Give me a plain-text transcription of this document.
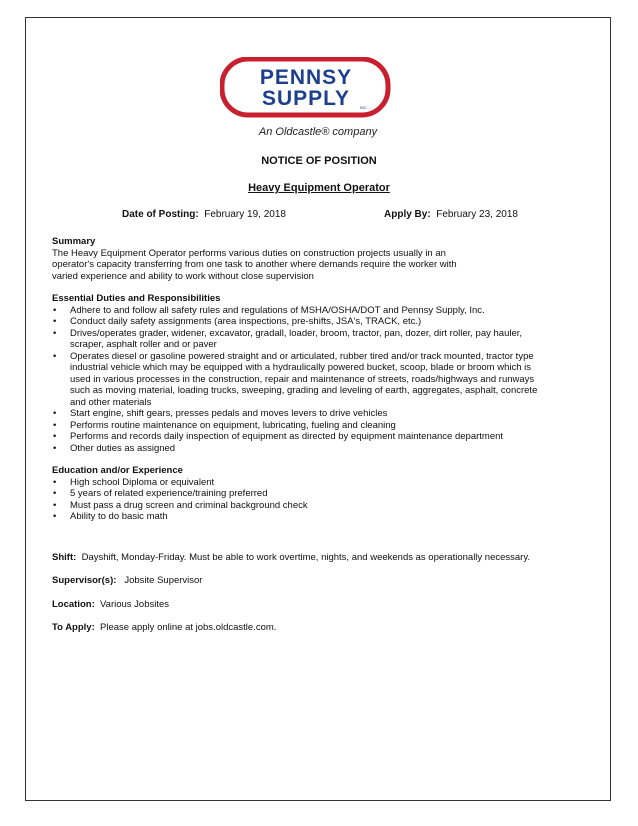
PENNSY
SUPPLY INC.
An Oldcastle® company
NOTICE OF POSITION
Heavy Equipment Operator
Date of Posting: February 19, 2018	Apply By: February 23, 2018

Summary

The Heavy Equipment Operator performs various duties on construction projects usually in an

operator's capacity transferring from one task to another where demands require the worker with

varied experience and ability to work without close supervision

Essential Duties and Responsibilities

• Adhere to and follow all safety rules and regulations of MSHA/OSHA/DOT and Pennsy Supply, Inc.
• Conduct daily safety assignments (area inspections, pre-shifts, JSA's, TRACK, etc.)
• Drives/operates grader, widener, excavator, gradall, loader, broom, tractor, pan, dozer, dirt roller, pay hauler,
scraper, asphalt roller and or paver
• Operates diesel or gasoline powered straight and or articulated, rubber tired and/or track mounted, tractor type
industrial vehicle which may be equipped with a hydraulically powered bucket, scoop, blade or broom which is
used in various processes in the construction, repair and maintenance of streets, roads/highways and runways
such as moving material, loading trucks, sweeping, grading and leveling of earth, aggregates, asphalt, concrete
and other materials
• Start engine, shift gears, presses pedals and moves levers to drive vehicles
• Performs routine maintenance on equipment, lubricating, fueling and cleaning
• Performs and records daily inspection of equipment as directed by equipment maintenance department
• Other duties as assigned

Education and/or Experience

• High school Diploma or equivalent
• 5 years of related experience/training preferred
• Must pass a drug screen and criminal background check
• Ability to do basic math

Shift: Dayshift, Monday-Friday. Must be able to work overtime, nights, and weekends as operationally necessary.

Supervisor(s): Jobsite Supervisor

Location: Various Jobsites

To Apply: Please apply online at jobs.oldcastle.com.
